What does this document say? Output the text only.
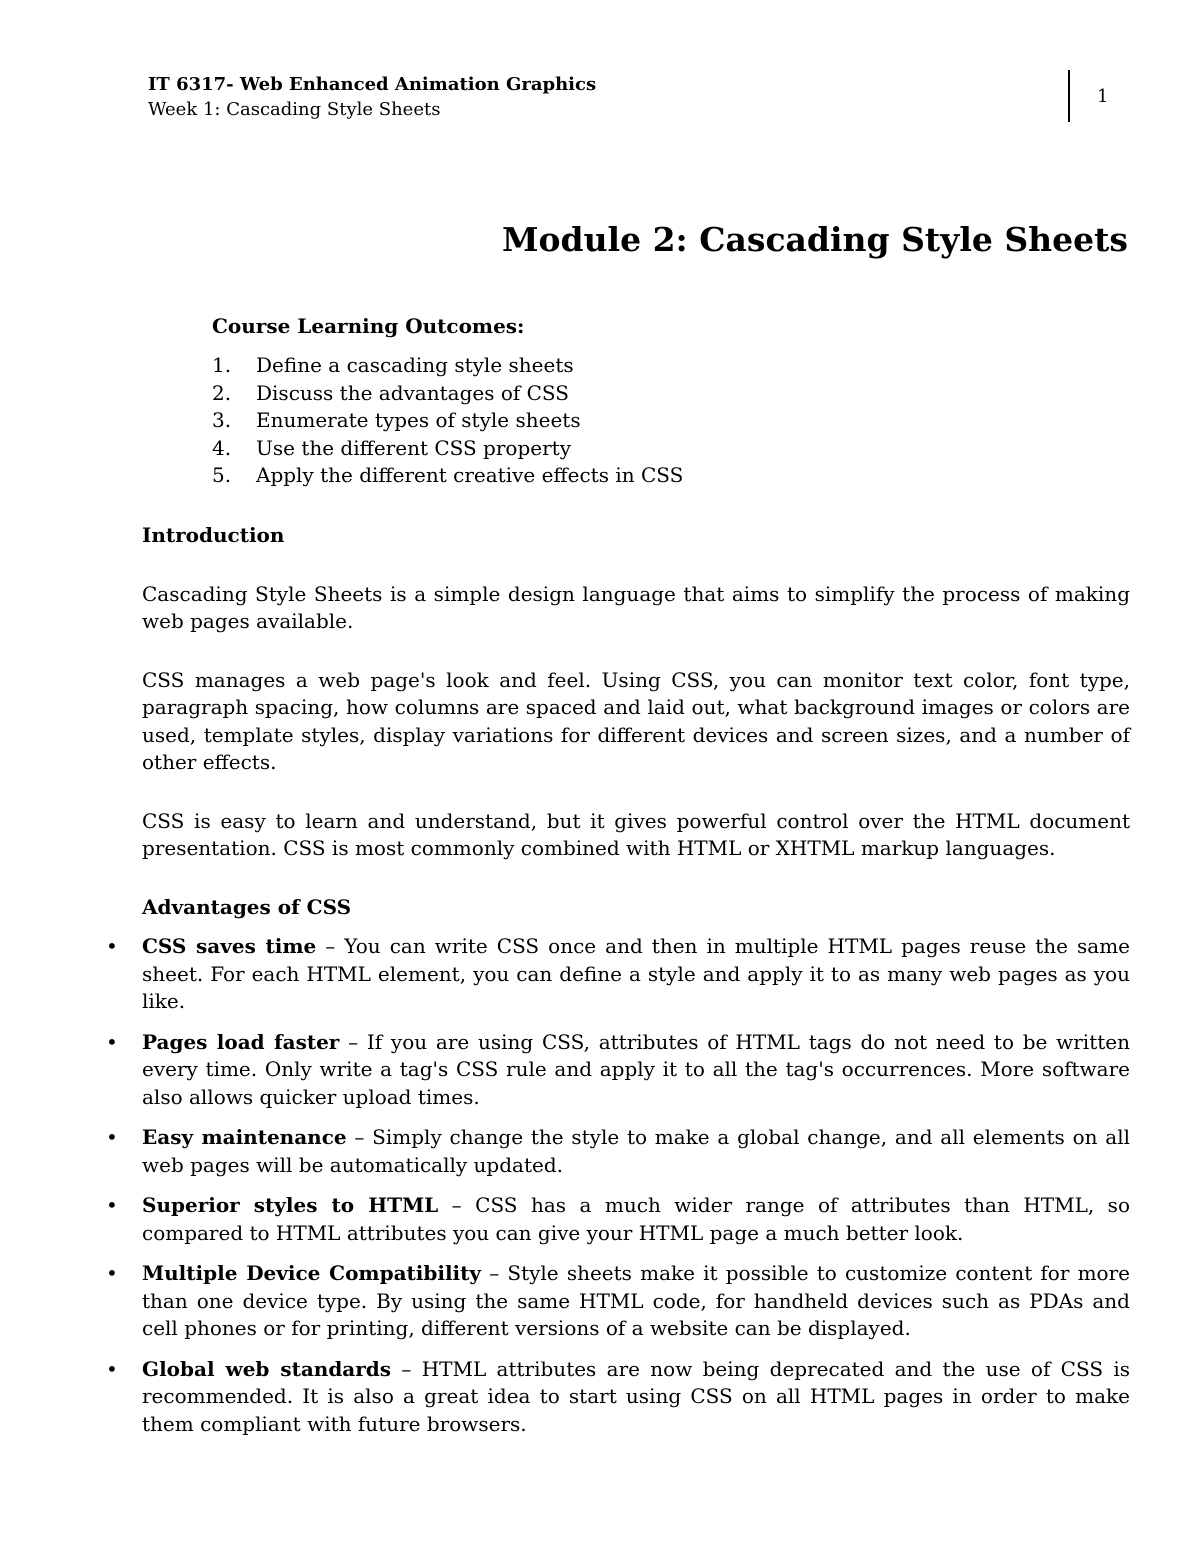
IT 6317- Web Enhanced Animation Graphics
Week 1: Cascading Style Sheets
1
Module 2: Cascading Style Sheets
Course Learning Outcomes:
1.	Define a cascading style sheets
2.	Discuss the advantages of CSS
3.	Enumerate types of style sheets
4.	Use the different CSS property
5.	Apply the different creative effects in CSS

Introduction

Cascading Style Sheets is a simple design language that aims to simplify the process of making web pages available.

CSS manages a web page's look and feel. Using CSS, you can monitor text color, font type, paragraph spacing, how columns are spaced and laid out, what background images or colors are used, template styles, display variations for different devices and screen sizes, and a number of other effects.

CSS is easy to learn and understand, but it gives powerful control over the HTML document presentation. CSS is most commonly combined with HTML or XHTML markup languages.

Advantages of CSS

• CSS saves time – You can write CSS once and then in multiple HTML pages reuse the same sheet. For each HTML element, you can define a style and apply it to as many web pages as you like.
• Pages load faster – If you are using CSS, attributes of HTML tags do not need to be written every time. Only write a tag's CSS rule and apply it to all the tag's occurrences. More software also allows quicker upload times.
• Easy maintenance – Simply change the style to make a global change, and all elements on all web pages will be automatically updated.
• Superior styles to HTML – CSS has a much wider range of attributes than HTML, so compared to HTML attributes you can give your HTML page a much better look.
• Multiple Device Compatibility – Style sheets make it possible to customize content for more than one device type. By using the same HTML code, for handheld devices such as PDAs and cell phones or for printing, different versions of a website can be displayed.
• Global web standards – HTML attributes are now being deprecated and the use of CSS is recommended. It is also a great idea to start using CSS on all HTML pages in order to make them compliant with future browsers.
